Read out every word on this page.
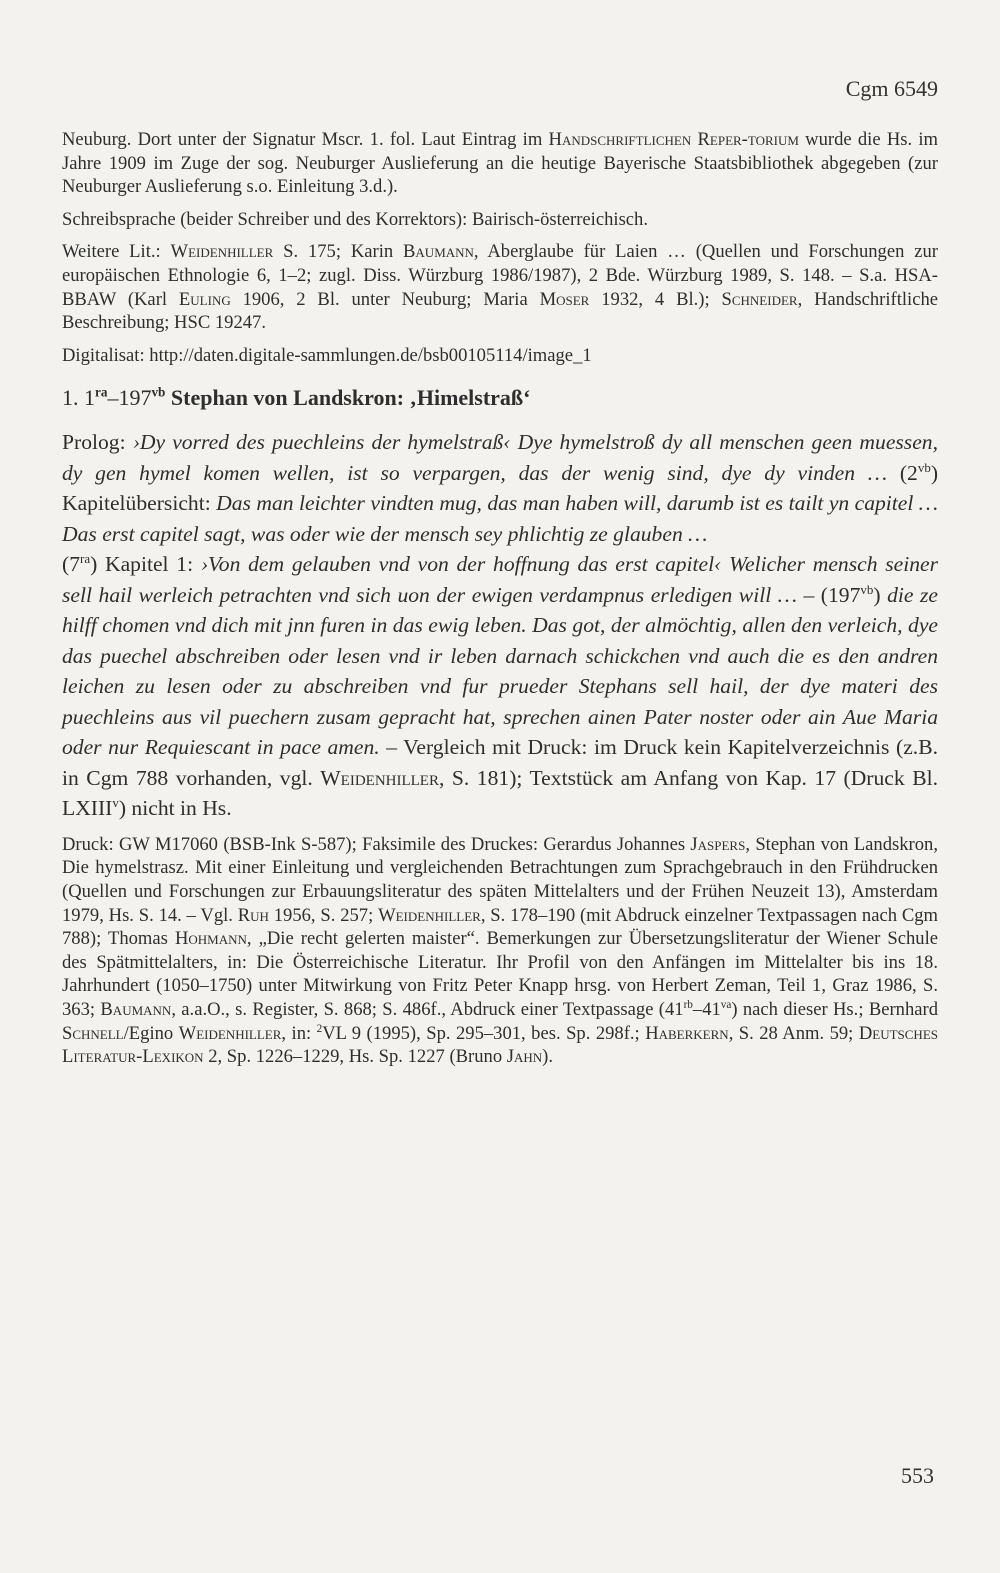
Cgm 6549

Neuburg. Dort unter der Signatur Mscr. 1. fol. Laut Eintrag im Handschriftlichen Reper-torium wurde die Hs. im Jahre 1909 im Zuge der sog. Neuburger Auslieferung an die heutige Bayerische Staatsbibliothek abgegeben (zur Neuburger Auslieferung s.o. Einleitung 3.d.).

Schreibsprache (beider Schreiber und des Korrektors): Bairisch-österreichisch.

Weitere Lit.: Weidenhiller S. 175; Karin Baumann, Aberglaube für Laien … (Quellen und Forschungen zur europäischen Ethnologie 6, 1–2; zugl. Diss. Würzburg 1986/1987), 2 Bde. Würzburg 1989, S. 148. – S.a. HSA-BBAW (Karl Euling 1906, 2 Bl. unter Neuburg; Maria Moser 1932, 4 Bl.); Schneider, Handschriftliche Beschreibung; HSC 19247.

Digitalisat: http://daten.digitale-sammlungen.de/bsb00105114/image_1

1. $1^{ra}-197^{vb}$ Stephan von Landskron: ‚Himelstraß‘

Prolog: ›Dy vorred des puechleins der hymelstraß‹ Dye hymelstroß dy all menschen geen muessen, dy gen hymel komen wellen, ist so verpargen, das der wenig sind, dye dy vinden … $(2^{vb})$ Kapitelübersicht: Das man leichter vindten mug, das man haben will, darumb ist es tailt yn capitel … Das erst capitel sagt, was oder wie der mensch sey phlichtig ze glauben …

$(7^{ra})$ Kapitel 1: ›Von dem gelauben vnd von der hoffnung das erst capitel‹ Welicher mensch seiner sell hail werleich petrachten vnd sich uon der ewigen verdampnus erledigen will … – $(197^{vb})$ die ze hilff chomen vnd dich mit jnn furen in das ewig leben. Das got, der almöchtig, allen den verleich, dye das puechel abschreiben oder lesen vnd ir leben darnach schickchen vnd auch die es den andren leichen zu lesen oder zu abschreiben vnd fur prueder Stephans sell hail, der dye materi des puechleins aus vil puechern zusam gepracht hat, sprechen ainen Pater noster oder ain Aue Maria oder nur Requiescant in pace amen. – Vergleich mit Druck: im Druck kein Kapitelverzeichnis (z.B. in Cgm 788 vorhanden, vgl. Weidenhiller, S. 181); Textstück am Anfang von Kap. 17 (Druck Bl. LXIII$^v$) nicht in Hs.

Druck: GW M17060 (BSB-Ink S-587); Faksimile des Druckes: Gerardus Johannes Jaspers, Stephan von Landskron, Die hymelstrasz. Mit einer Einleitung und vergleichenden Betrachtungen zum Sprachgebrauch in den Frühdrucken (Quellen und Forschungen zur Erbauungsliteratur des späten Mittelalters und der Frühen Neuzeit 13), Amsterdam 1979, Hs. S. 14. – Vgl. Ruh 1956, S. 257; Weidenhiller, S. 178–190 (mit Abdruck einzelner Textpassagen nach Cgm 788); Thomas Hohmann, „Die recht gelerten maister“. Bemerkungen zur Übersetzungsliteratur der Wiener Schule des Spätmittelalters, in: Die Österreichische Literatur. Ihr Profil von den Anfängen im Mittelalter bis ins 18. Jahrhundert (1050–1750) unter Mitwirkung von Fritz Peter Knapp hrsg. von Herbert Zeman, Teil 1, Graz 1986, S. 363; Baumann, a.a.O., s. Register, S. 868; S. 486f., Abdruck einer Textpassage $(41^{rb}-41^{va})$ nach dieser Hs.; Bernhard Schnell/Egino Weidenhiller, in: $^2$VL 9 (1995), Sp. 295–301, bes. Sp. 298f.; Haberkern, S. 28 Anm. 59; Deutsches Literatur-Lexikon 2, Sp. 1226–1229, Hs. Sp. 1227 (Bruno Jahn).

553
